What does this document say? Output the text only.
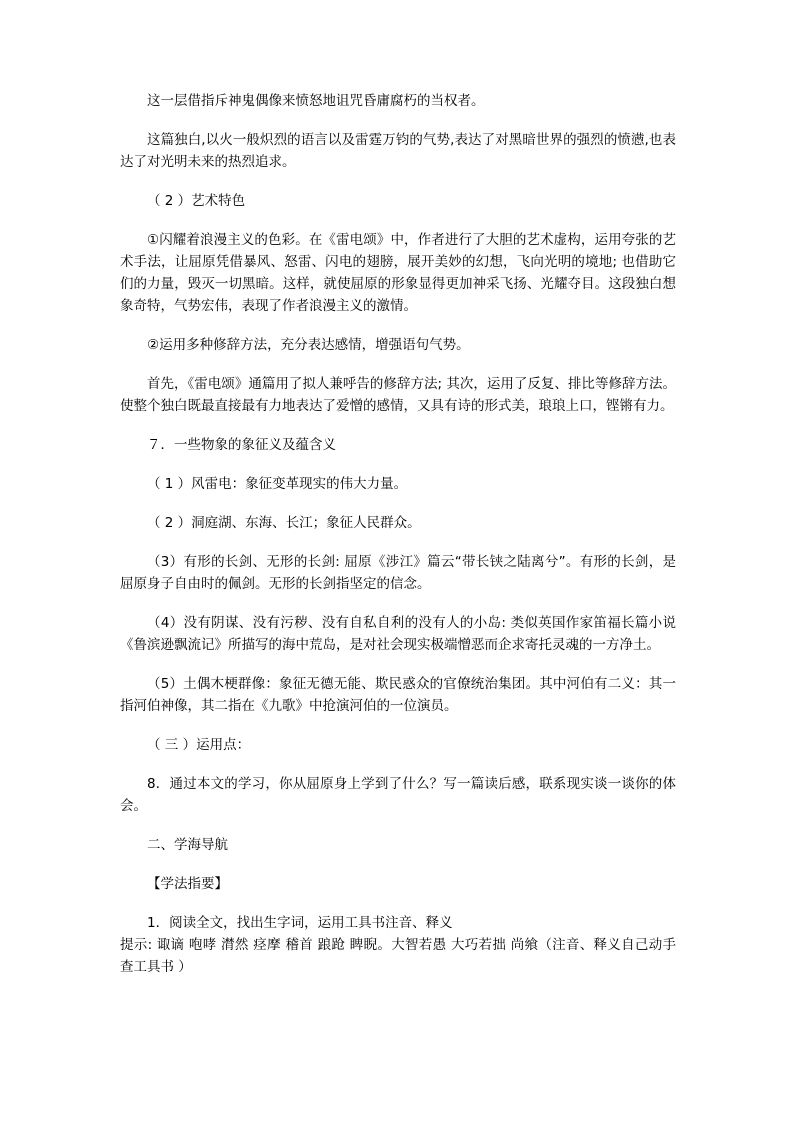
这一层借指斥神鬼偶像来愤怒地诅咒昏庸腐朽的当权者。
这篇独白,以火一般炽烈的语言以及雷霆万钧的气势,表达了对黑暗世界的强烈的愤懑,也表达了对光明未来的热烈追求。
（ 2 ）艺术特色
①闪耀着浪漫主义的色彩。在《雷电颂》中，作者进行了大胆的艺术虚构，运用夸张的艺术手法，让屈原凭借暴风、怒雷、闪电的翅膀，展开美妙的幻想，飞向光明的境地; 也借助它们的力量，毁灭一切黑暗。这样，就使屈原的形象显得更加神采飞扬、光耀夺目。这段独白想象奇特，气势宏伟，表现了作者浪漫主义的激情。
②运用多种修辞方法，充分表达感情，增强语句气势。
首先，《雷电颂》通篇用了拟人兼呼告的修辞方法; 其次，运用了反复、排比等修辞方法。使整个独白既最直接最有力地表达了爱憎的感情，又具有诗的形式美，琅琅上口，铿锵有力。
７．一些物象的象征义及蕴含义
（ 1 ）风雷电：象征变革现实的伟大力量。
（ 2 ）洞庭湖、东海、长江；象征人民群众。
（3）有形的长剑、无形的长剑: 屈原《涉江》篇云“带长铗之陆离兮”。有形的长剑，是屈原身子自由时的佩剑。无形的长剑指坚定的信念。
（4）没有阴谋、没有污秽、没有自私自利的没有人的小岛: 类似英国作家笛福长篇小说《鲁滨逊飘流记》所描写的海中荒岛，是对社会现实极端憎恶而企求寄托灵魂的一方净土。
（5）土偶木梗群像：象征无德无能、欺民惑众的官僚统治集团。其中河伯有二义：其一指河伯神像，其二指在《九歌》中抢演河伯的一位演员。
（ 三 ）运用点：
8．通过本文的学习，你从屈原身上学到了什么？写一篇读后感，联系现实谈一谈你的体会。
二、学海导航
【学法指要】
1．阅读全文，找出生字词，运用工具书注音、释义
提示: 诹谪 咆哮 潸然 痉摩 稽首 踉跄 睥睨。大智若愚 大巧若拙 尚飨（注音、释义自己动手查工具书 ）
